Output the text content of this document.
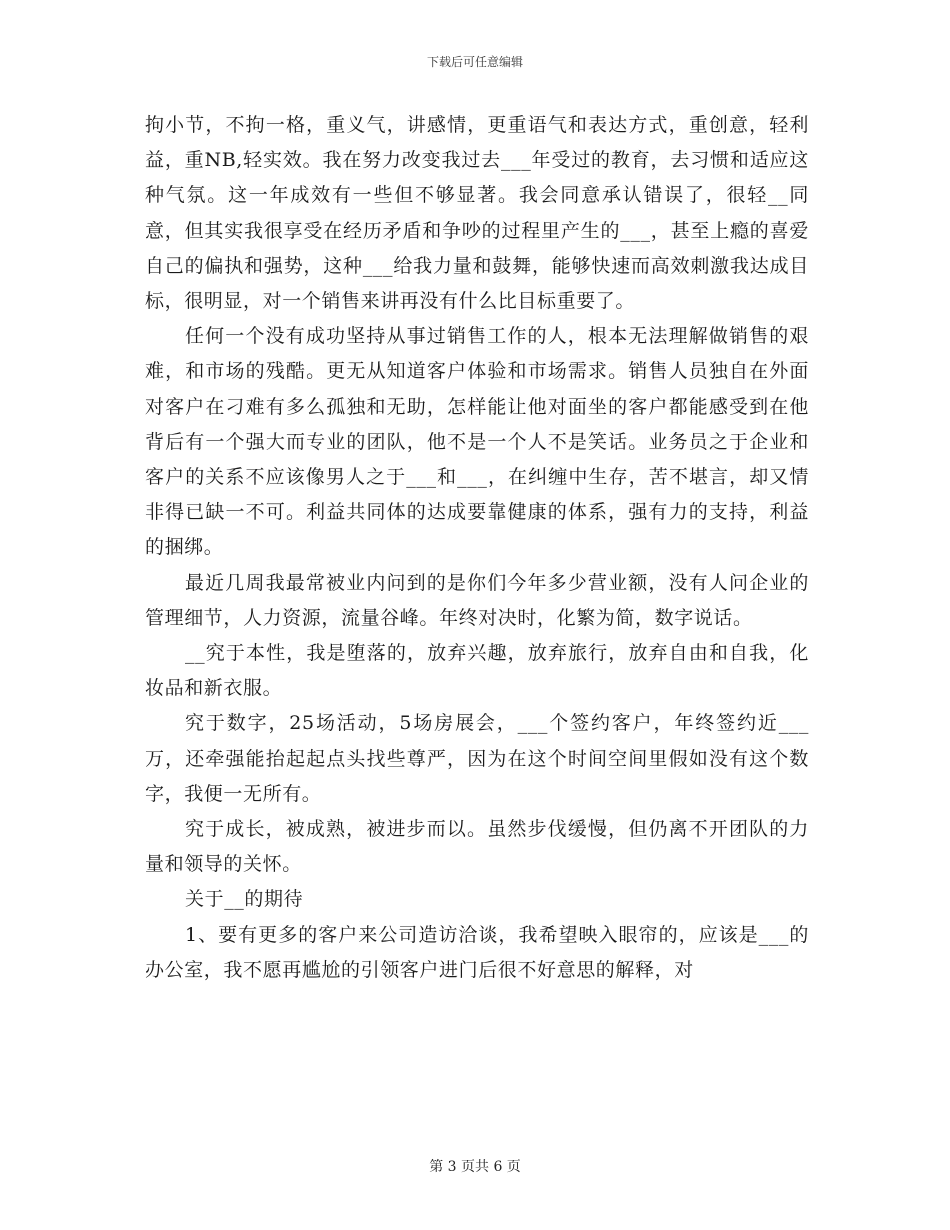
下载后可任意编辑

拘小节，不拘一格，重义气，讲感情，更重语气和表达方式，重创意，轻利益，重NB,轻实效。我在努力改变我过去___年受过的教育，去习惯和适应这种气氛。这一年成效有一些但不够显著。我会同意承认错误了，很轻__同意，但其实我很享受在经历矛盾和争吵的过程里产生的___，甚至上瘾的喜爱自己的偏执和强势，这种___给我力量和鼓舞，能够快速而高效刺激我达成目标，很明显，对一个销售来讲再没有什么比目标重要了。

任何一个没有成功坚持从事过销售工作的人，根本无法理解做销售的艰难，和市场的残酷。更无从知道客户体验和市场需求。销售人员独自在外面对客户在刁难有多么孤独和无助，怎样能让他对面坐的客户都能感受到在他背后有一个强大而专业的团队，他不是一个人不是笑话。业务员之于企业和客户的关系不应该像男人之于___和___，在纠缠中生存，苦不堪言，却又情非得已缺一不可。利益共同体的达成要靠健康的体系，强有力的支持，利益的捆绑。

最近几周我最常被业内问到的是你们今年多少营业额，没有人问企业的管理细节，人力资源，流量谷峰。年终对决时，化繁为简，数字说话。

__究于本性，我是堕落的，放弃兴趣，放弃旅行，放弃自由和自我，化妆品和新衣服。

究于数字，25场活动，5场房展会，___个签约客户，年终签约近___万，还牵强能抬起起点头找些尊严，因为在这个时间空间里假如没有这个数字，我便一无所有。

究于成长，被成熟，被进步而以。虽然步伐缓慢，但仍离不开团队的力量和领导的关怀。

关于__的期待

1、要有更多的客户来公司造访洽谈，我希望映入眼帘的，应该是___的办公室，我不愿再尴尬的引领客户进门后很不好意思的解释，对

第 3 页共 6 页
